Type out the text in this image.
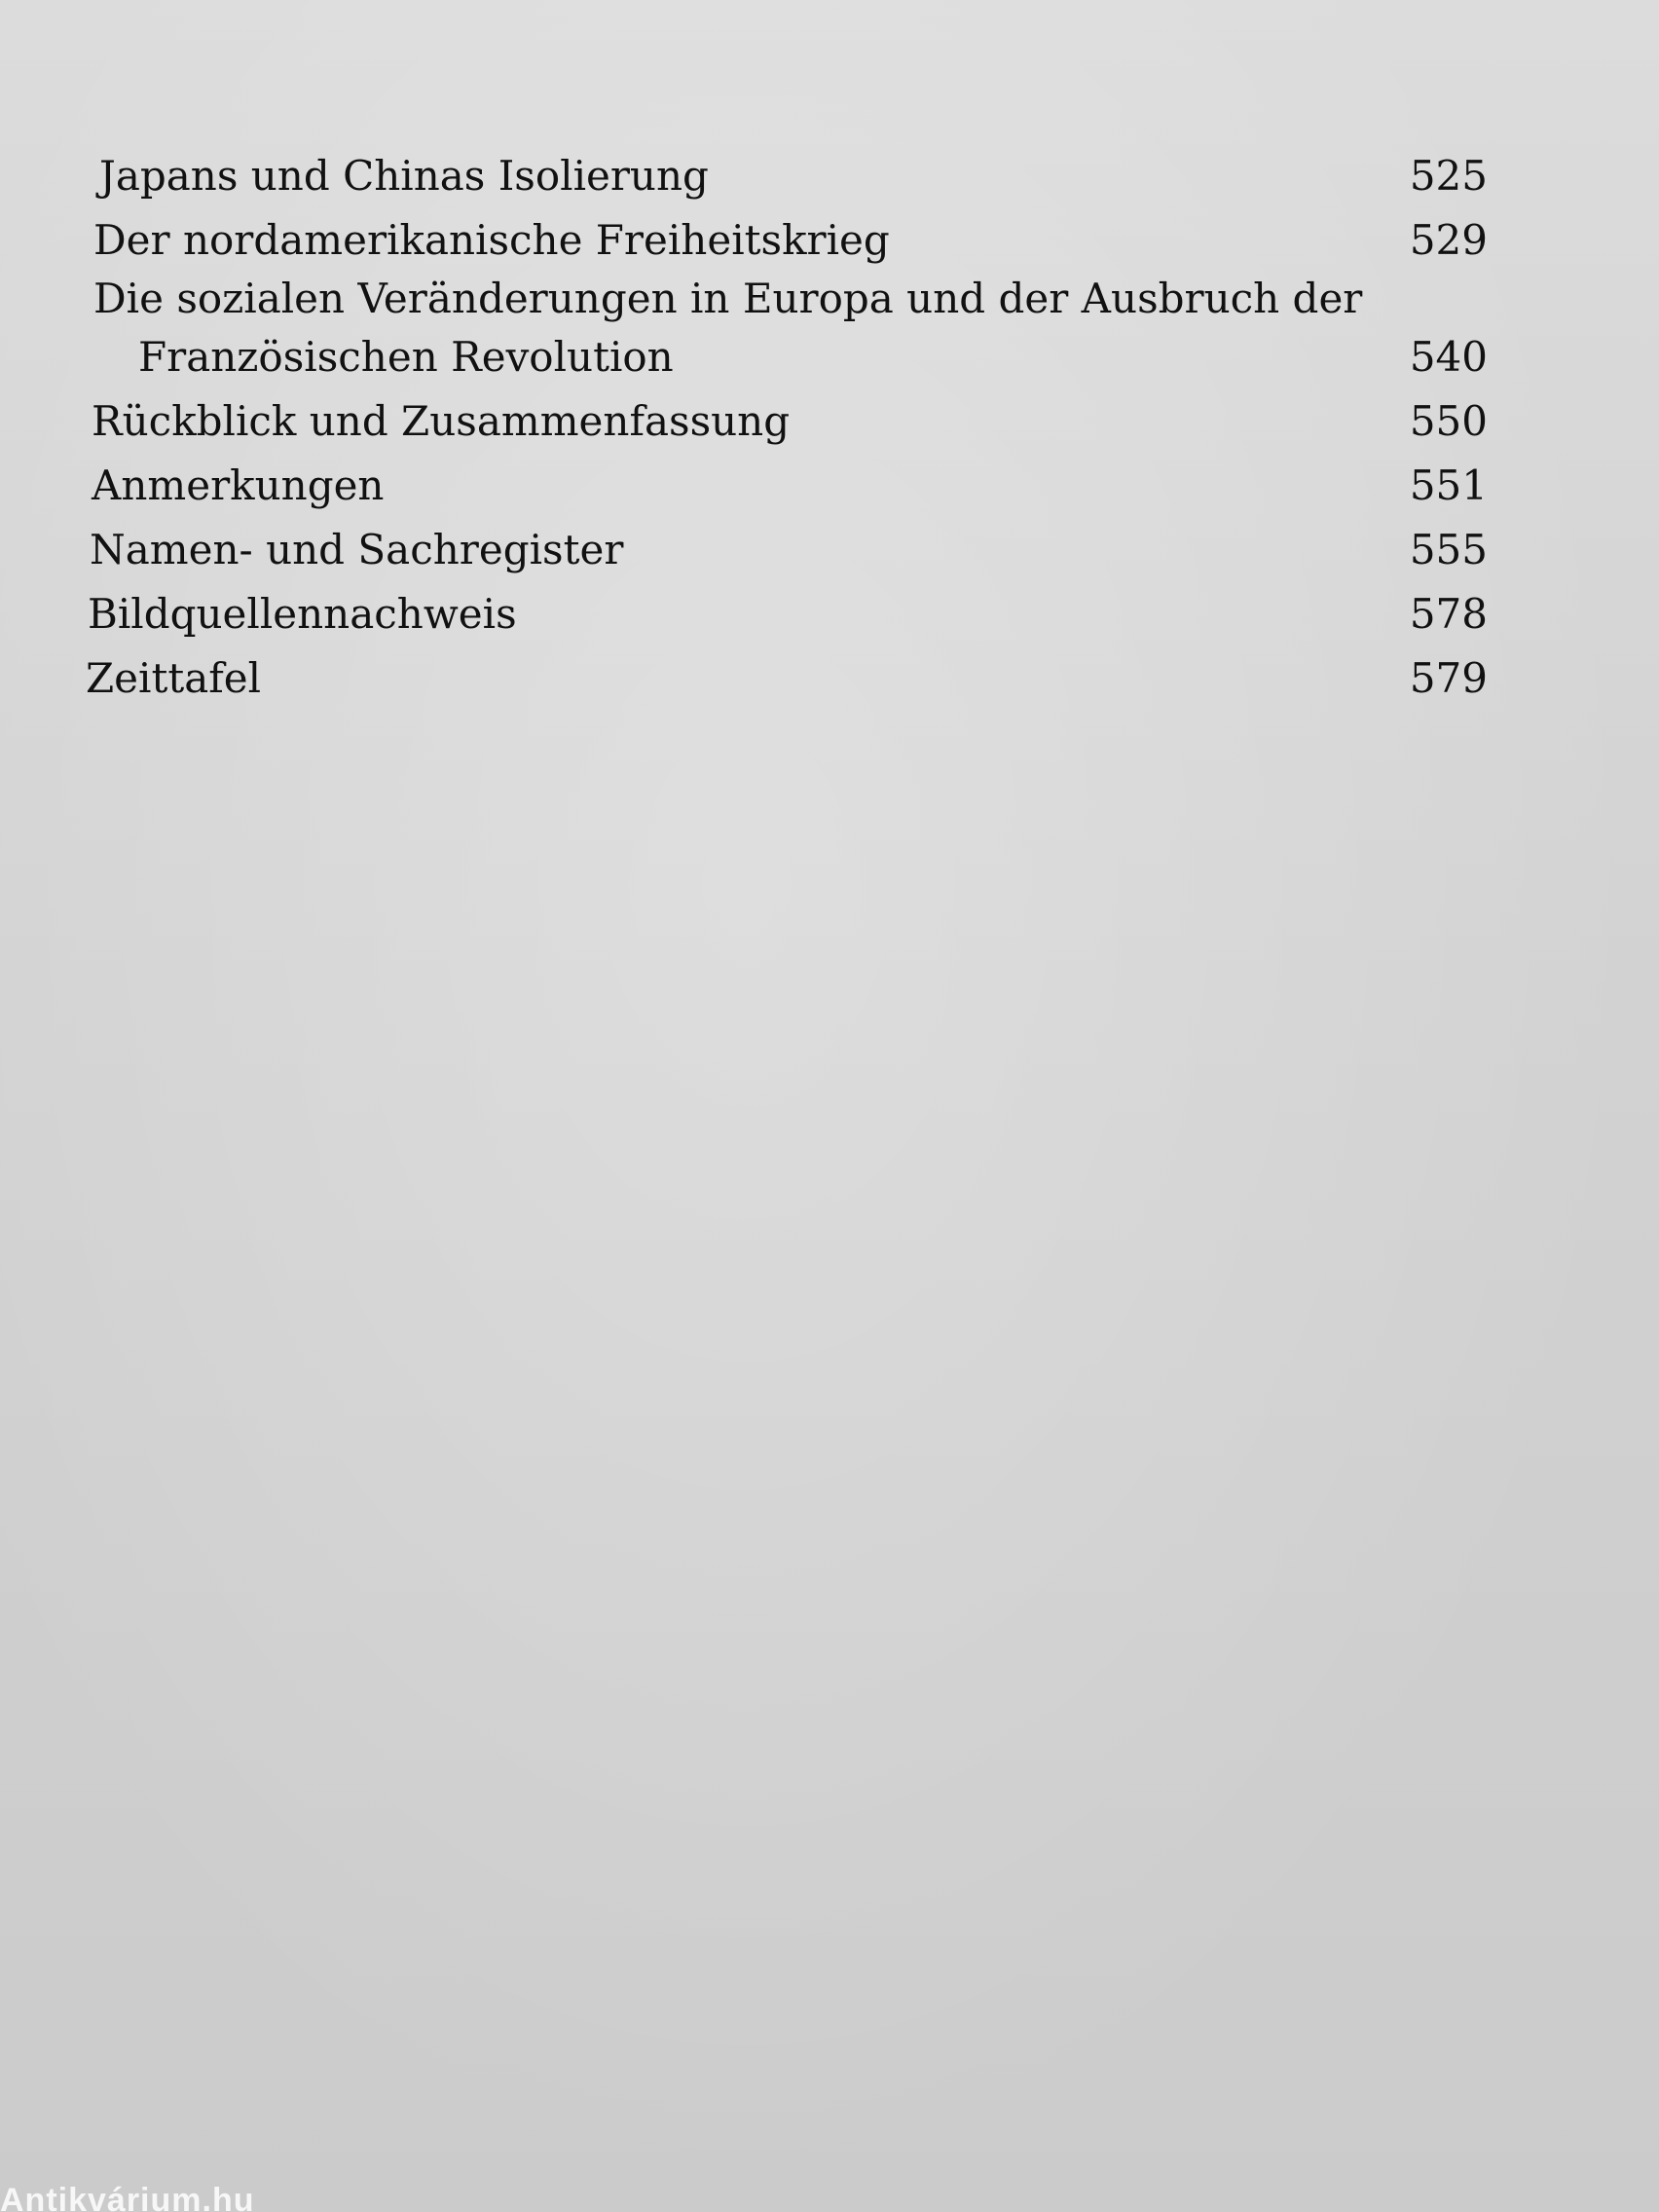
Japans und Chinas Isolierung	525
Der nordamerikanische Freiheitskrieg	529
Die sozialen Veränderungen in Europa und der Ausbruch der
Französischen Revolution	540
Rückblick und Zusammenfassung	550
Anmerkungen	551
Namen- und Sachregister	555
Bildquellennachweis	578
Zeittafel	579
Antikvárium.hu
